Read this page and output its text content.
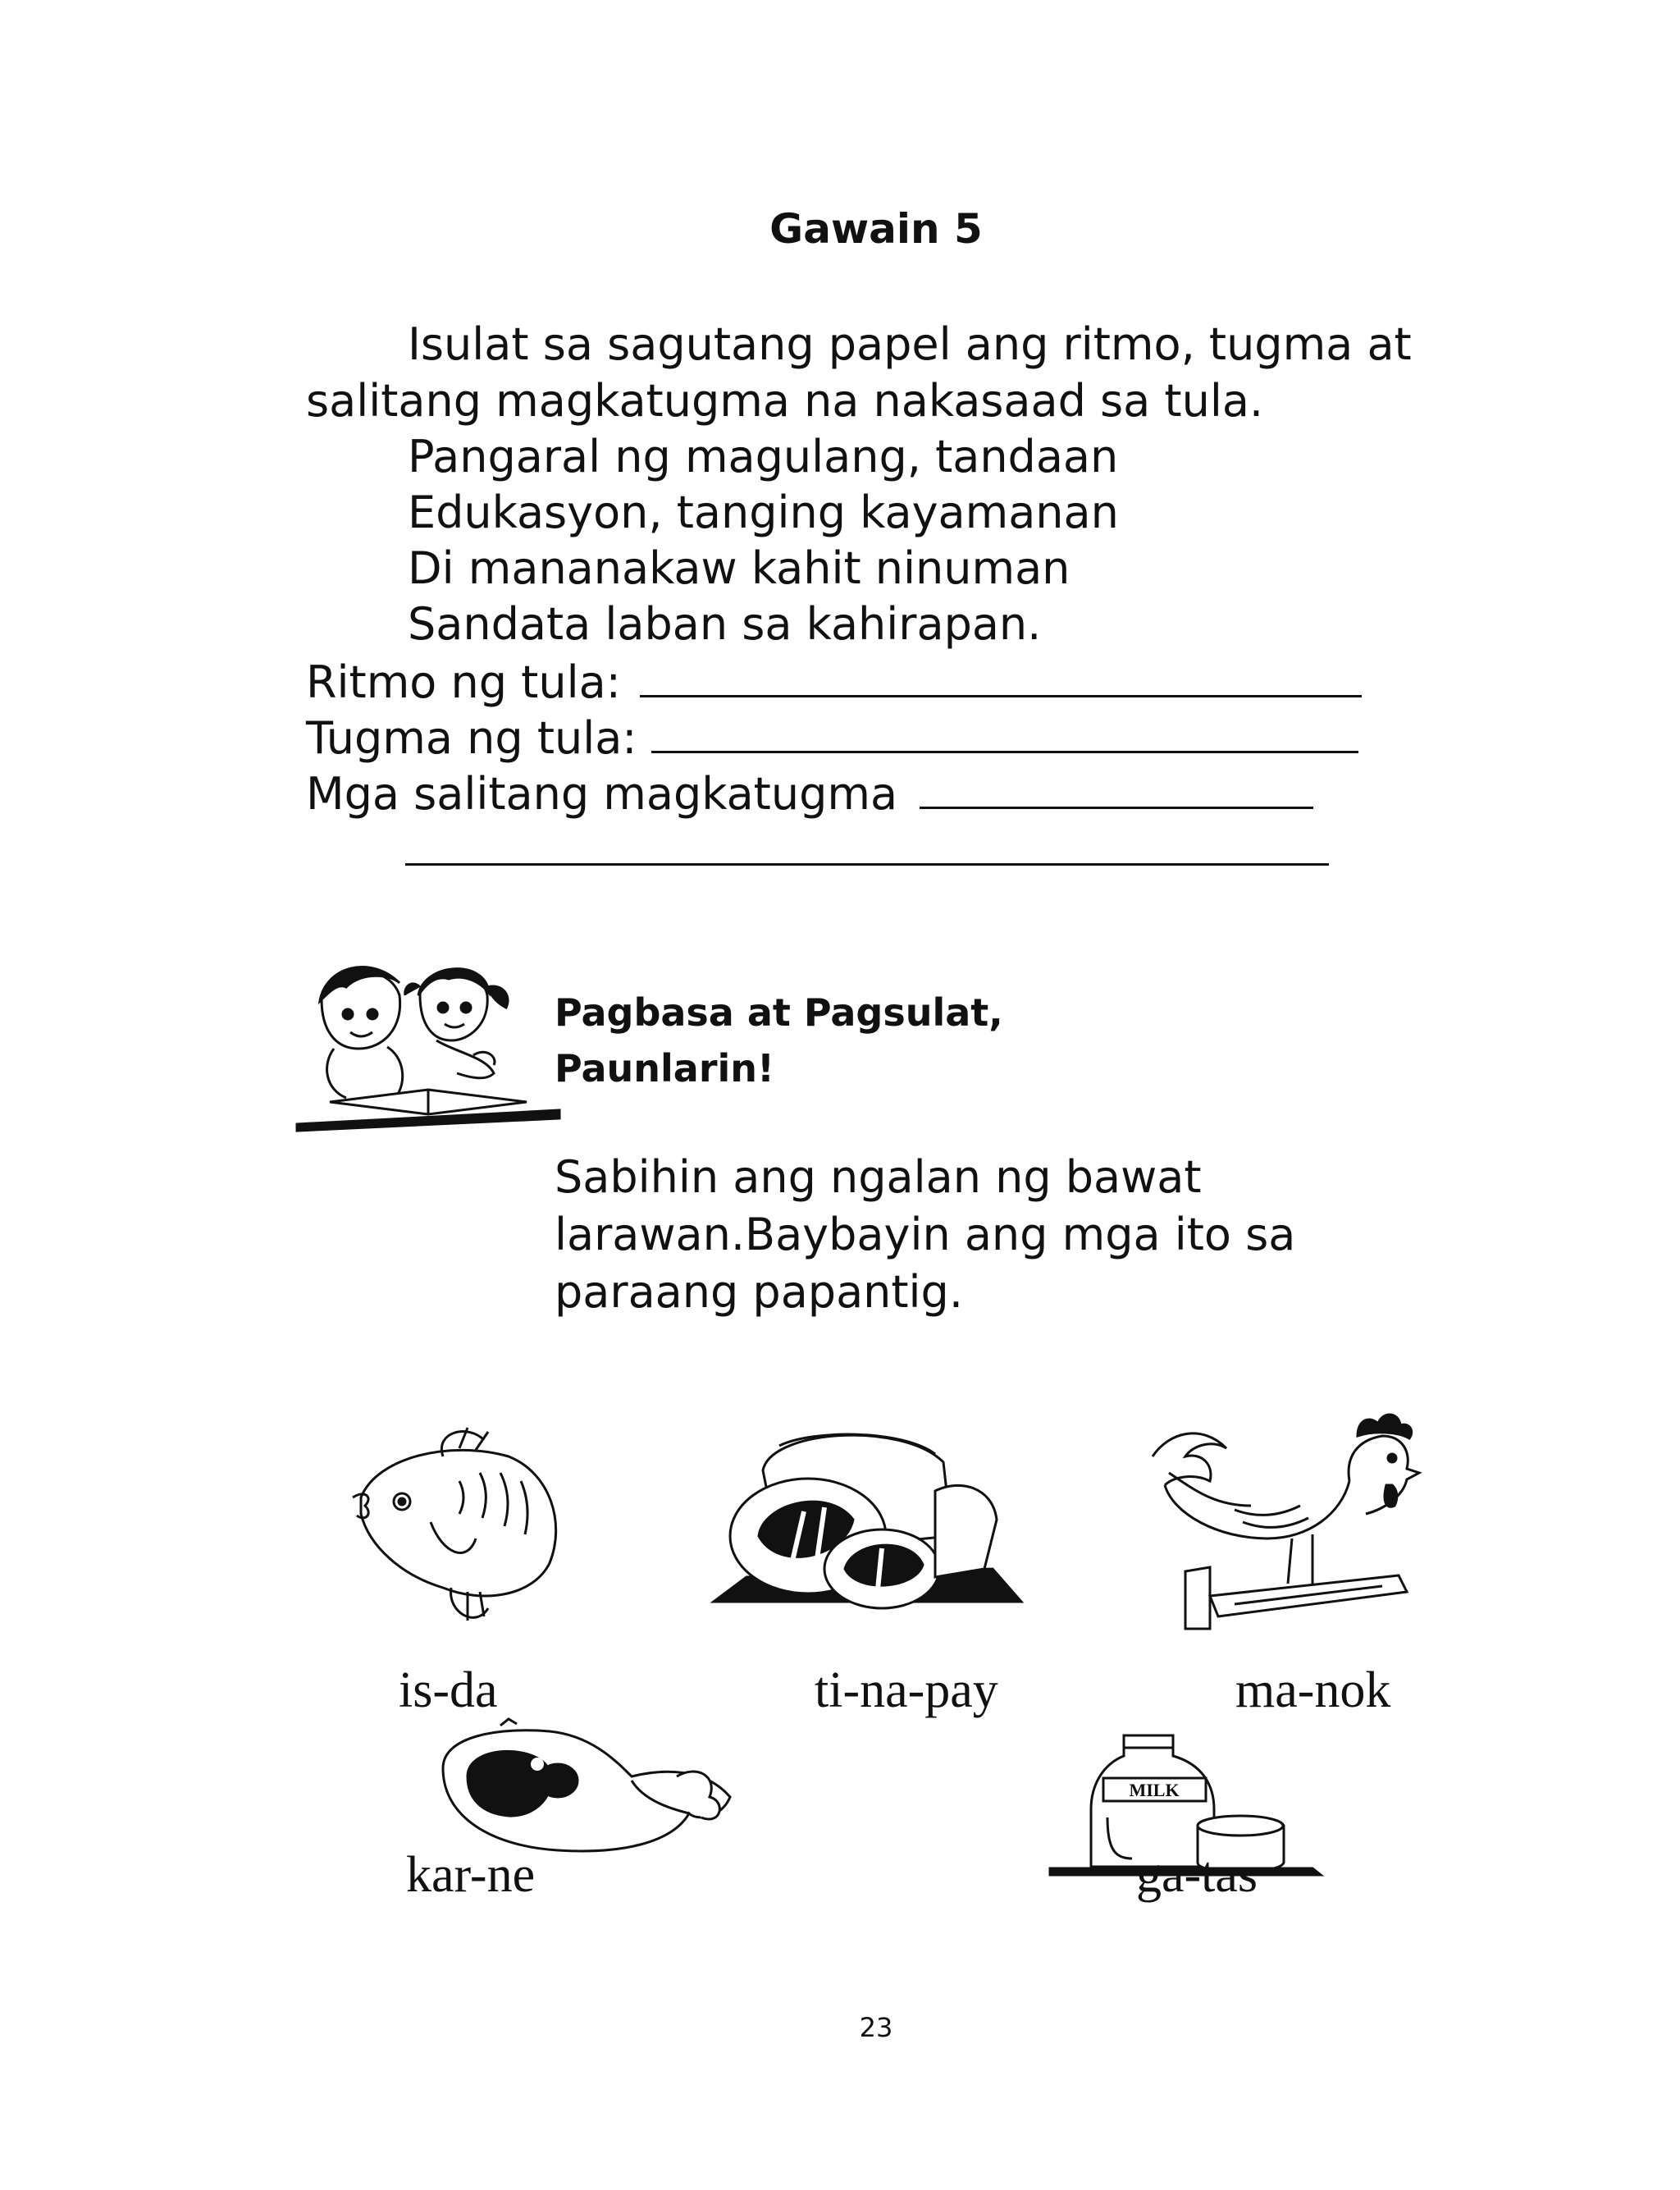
Gawain 5
Isulat sa sagutang papel ang ritmo, tugma at
salitang magkatugma na nakasaad sa tula.
Pangaral ng magulang, tandaan
Edukasyon, tanging kayamanan
Di mananakaw kahit ninuman
Sandata laban sa kahirapan.
Ritmo ng tula:
Tugma ng tula:
Mga salitang magkatugma
Pagbasa at Pagsulat,
Paunlarin!
Sabihin ang ngalan ng bawat
larawan.Baybayin ang mga ito sa
paraang papantig.
is-da	ti-na-pay	ma-nok
MILK
kar-ne	ga-tas
23
